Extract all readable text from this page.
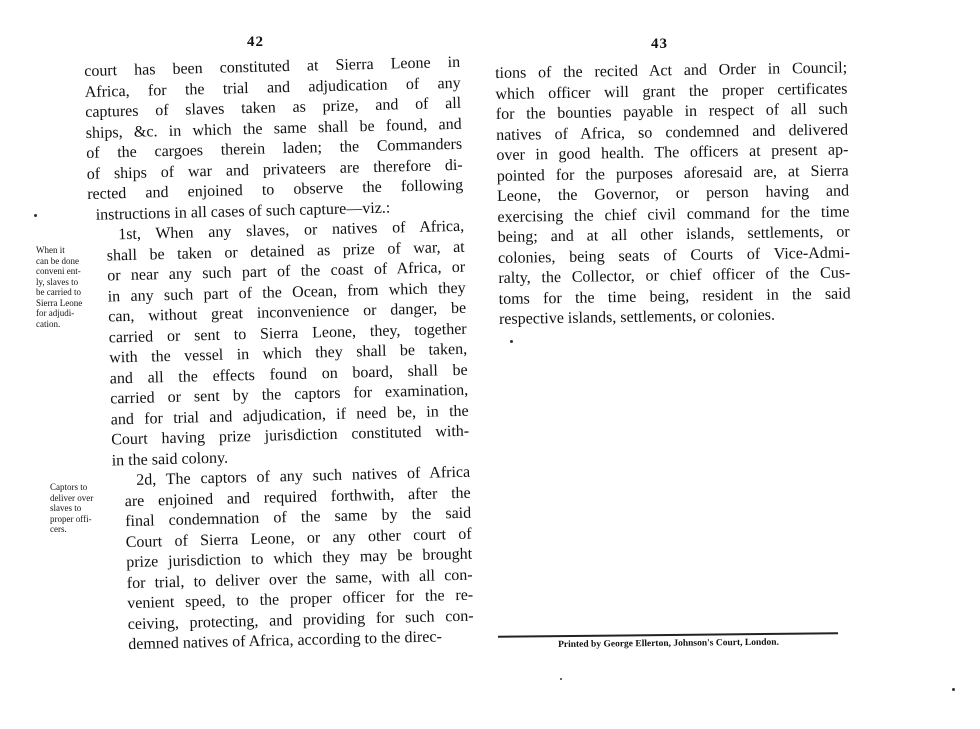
42	43

court has been constituted at Sierra Leone in

Africa, for the trial and adjudication of any

captures of slaves taken as prize, and of all

ships, &c. in which the same shall be found, and

of the cargoes therein laden; the Commanders

of ships of war and privateers are therefore di-

rected and enjoined to observe the following

instructions in all cases of such capture—viz.:

1st, When any slaves, or natives of Africa,

shall be taken or detained as prize of war, at

or near any such part of the coast of Africa, or

in any such part of the Ocean, from which they

can, without great inconvenience or danger, be

carried or sent to Sierra Leone, they, together

with the vessel in which they shall be taken,

and all the effects found on board, shall be

carried or sent by the captors for examination,

and for trial and adjudication, if need be, in the

Court having prize jurisdiction constituted with-

in the said colony.

2d, The captors of any such natives of Africa

are enjoined and required forthwith, after the

final condemnation of the same by the said

Court of Sierra Leone, or any other court of

prize jurisdiction to which they may be brought

for trial, to deliver over the same, with all con-

venient speed, to the proper officer for the re-

ceiving, protecting, and providing for such con-

demned natives of Africa, according to the direc-

When it
can be done
conveni ent-
ly, slaves to
be carried to
Sierra Leone
for adjudi-
cation.
Captors to
deliver over
slaves to
proper offi-
cers.

tions of the recited Act and Order in Council;

which officer will grant the proper certificates

for the bounties payable in respect of all such

natives of Africa, so condemned and delivered

over in good health. The officers at present ap-

pointed for the purposes aforesaid are, at Sierra

Leone, the Governor, or person having and

exercising the chief civil command for the time

being; and at all other islands, settlements, or

colonies, being seats of Courts of Vice-Admi-

ralty, the Collector, or chief officer of the Cus-

toms for the time being, resident in the said

respective islands, settlements, or colonies.

Printed by George Ellerton, Johnson's Court, London.
